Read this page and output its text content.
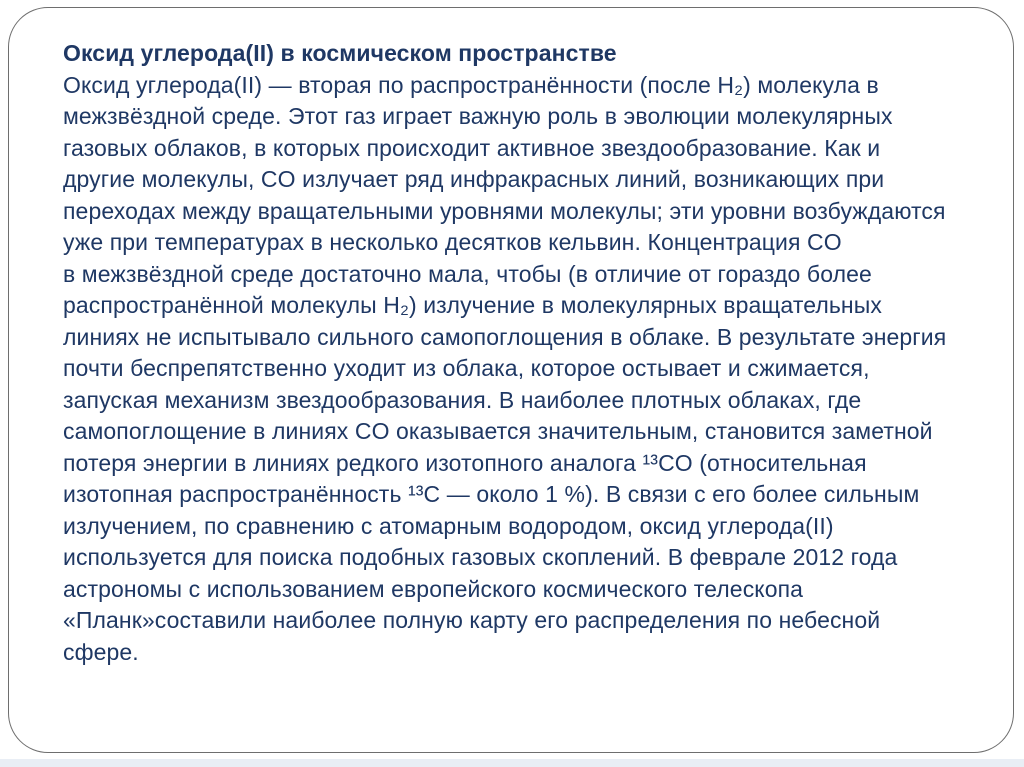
Оксид углерода(II) в космическом пространстве
Оксид углерода(II) — вторая по распространённости (после H₂) молекула в
межзвёздной среде. Этот газ играет важную роль в эволюции молекулярных
газовых облаков, в которых происходит активное звездообразование. Как и
другие молекулы, CO излучает ряд инфракрасных линий, возникающих при
переходах между вращательными уровнями молекулы; эти уровни возбуждаются
уже при температурах в несколько десятков кельвин. Концентрация CO
в межзвёздной среде достаточно мала, чтобы (в отличие от гораздо более
распространённой молекулы H₂) излучение в молекулярных вращательных
линиях не испытывало сильного самопоглощения в облаке. В результате энергия
почти беспрепятственно уходит из облака, которое остывает и сжимается,
запуская механизм звездообразования. В наиболее плотных облаках, где
самопоглощение в линиях CO оказывается значительным, становится заметной
потеря энергии в линиях редкого изотопного аналога ¹³CO (относительная
изотопная распространённость ¹³C — около 1 %). В связи с его более сильным
излучением, по сравнению с атомарным водородом, оксид углерода(II)
используется для поиска подобных газовых скоплений. В феврале 2012 года
астрономы с использованием европейского космического телескопа
«Планк»составили наиболее полную карту его распределения по небесной
сфере.
